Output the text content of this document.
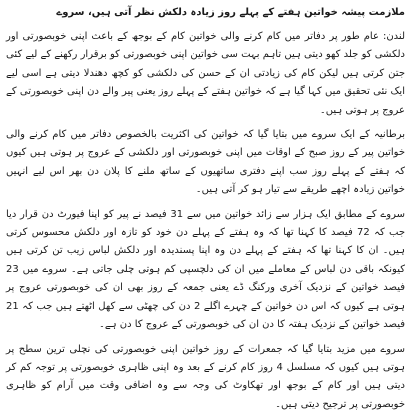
ملازمت پیشہ خواتین ہفتے کے پہلے روز زیادہ دلکش نظر آتی ہیں، سروے

لندن: عام طور پر دفاتر میں کام کرنے والی خواتین کام کے بوجھ کے باعث اپنی خوبصورتی اور دلکشی کو جلد کھو دیتی ہیں تاہم بہت سی خواتین اپنی خوبصورتی کو برقرار رکھنے کے لیے کئی جتن کرتی ہیں لیکن کام کی زیادتی ان کے حسن کی دلکشی کو کچھ دھندلا دیتی ہے اسی لیے ایک نئی تحقیق میں کہا گیا ہے کہ خواتین ہفتے کے پہلے روز یعنی پیر والے دن اپنی خوبصورتی کے عروج پر ہوتی ہیں۔

برطانیہ کے ایک سروے میں بتایا گیا کہ خواتین کی اکثریت بالخصوص دفاتر میں کام کرنے والی خواتین پیر کے روز صبح کے اوقات میں اپنی خوبصورتی اور دلکشی کے عروج پر ہوتی ہیں کیوں کہ ہفتے کے پہلے روز سب اپنے دفتری ساتھیوں کے ساتھ ملنے کا پلان دن بھر اس لیے انہیں خواتین زیادہ اچھے طریقے سے تیار ہو کر آتی ہیں۔

سروے کے مطابق ایک ہزار سے زائد خواتین میں سے 31 فیصد نے پیر کو اپنا فیورٹ دن قرار دیا جب کہ 72 فیصد کا کہنا تھا کہ وہ ہفتے کے پہلے دن خود کو تازہ اور دلکش محسوس کرتی ہیں۔ ان کا کہنا تھا کہ ہفتے کے پہلے دن وہ اپنا پسندیدہ اور دلکش لباس زیب تن کرتی ہیں کیونکہ باقی دن لباس کے معاملے میں ان کی دلچسپی کم ہوتی چلی جاتی ہے۔ سروے میں 23 فیصد خواتین کے نزدیک آخری ورکنگ ڈے یعنی جمعہ کے روز بھی ان کی خوبصورتی عروج پر ہوتی ہے کیوں کہ اس دن خواتین کے چہرے اگلے 2 دن کی چھٹی سے کھل اٹھتے ہیں جب کہ 21 فیصد خواتین کے نزدیک ہفتہ کا دن ان کی خوبصورتی کے عروج کا دن ہے۔

سروے میں مزید بتایا گیا کہ جمعرات کے روز خواتین اپنی خوبصورتی کی نچلی ترین سطح پر ہوتی ہیں کیوں کہ مسلسل 4 روز کام کرنے کے بعد وہ اپنی ظاہری خوبصورتی پر توجہ کم کر دیتی ہیں اور کام کے بوجھ اور تھکاوٹ کی وجہ سے وہ اضافی وقت میں آرام کو ظاہری خوبصورتی پر ترجیح دیتی ہیں۔
